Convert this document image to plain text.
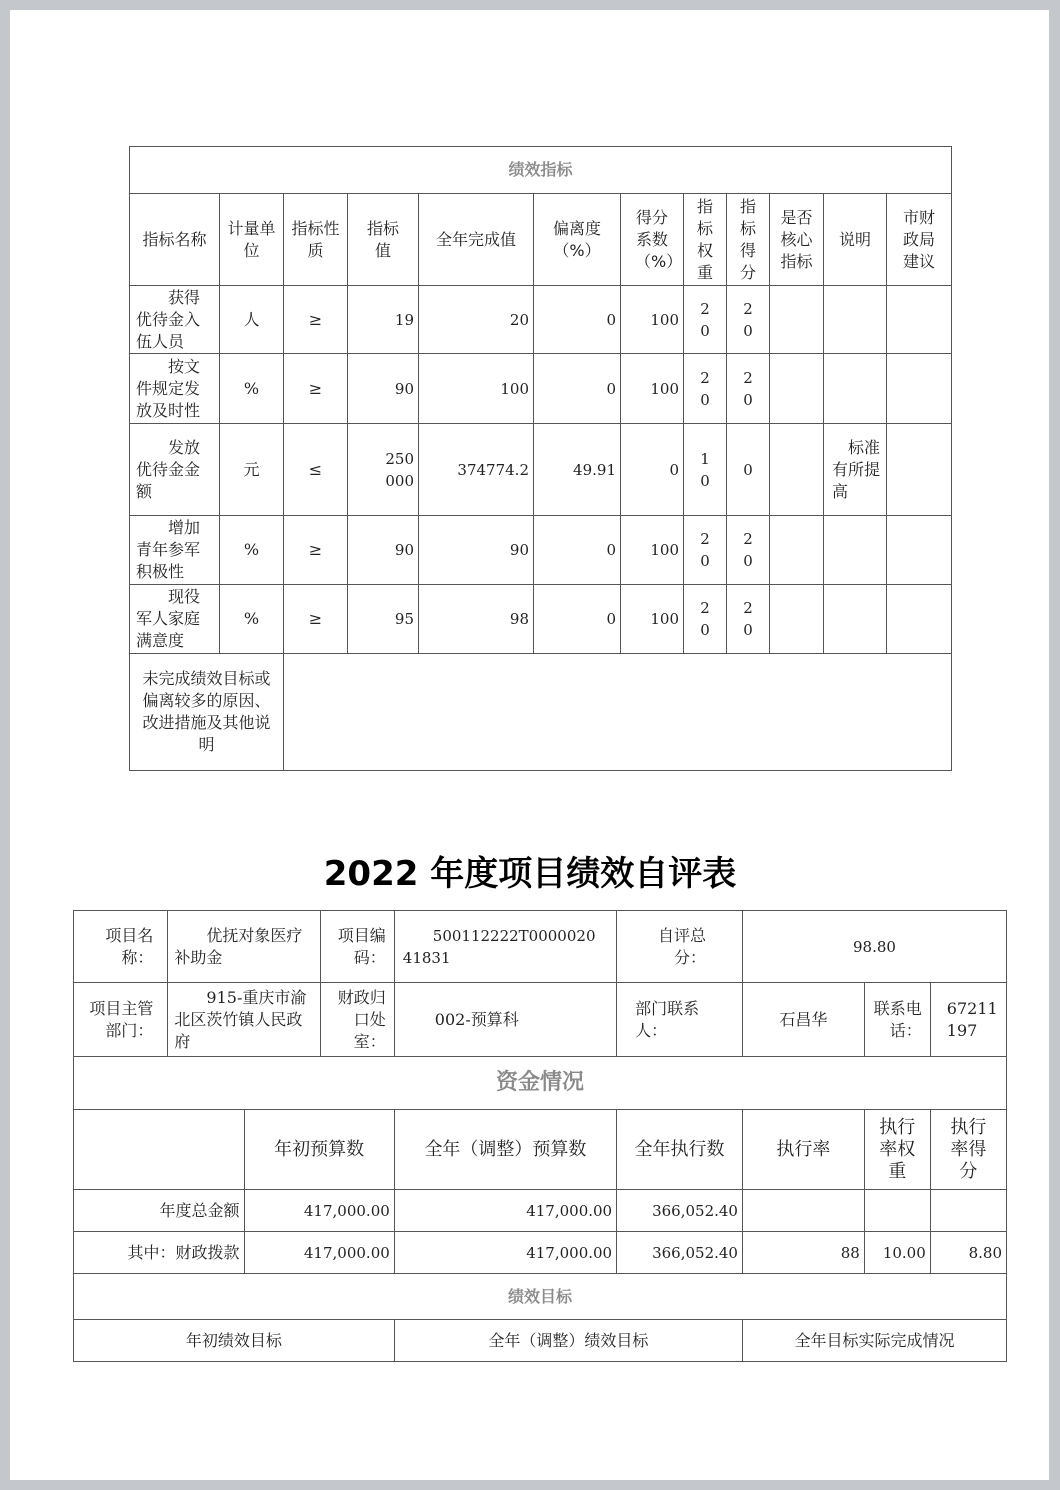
绩效指标											
指标名称	计量单位	指标性质	指标值	全年完成值	偏离度（%）	得分系数（%）	指标权重	指标得分	是否核心指标	说明	市财政局建议
获得优待金入伍人员	人	≥	19	20	0	100	20	20			
按文件规定发放及时性	%	≥	90	100	0	100	20	20			
发放优待金金额	元	≤	250000	374774.2	49.91	0	10	0		标准有所提高	
增加青年参军积极性	%	≥	90	90	0	100	20	20			
现役军人家庭满意度	%	≥	95	98	0	100	20	20			
未完成绩效目标或偏离较多的原因、改进措施及其他说明											
2022 年度项目绩效自评表
项目名称：	优抚对象医疗补助金		项目编码：	500112222T000002041831	自评总分：	98.80		
项目主管部门：	915-重庆市渝北区茨竹镇人民政府		财政归口处室：	002-预算科	部门联系人：	石昌华	联系电话：	67211197
资金情况								
		年初预算数		全年（调整）预算数	全年执行数	执行率	执行率权重	执行率得分
年度总金额		417,000.00		417,000.00	366,052.40			
其中：财政拨款		417,000.00		417,000.00	366,052.40	88	10.00	8.80
绩效目标								
年初绩效目标				全年（调整）绩效目标		全年目标实际完成情况		
